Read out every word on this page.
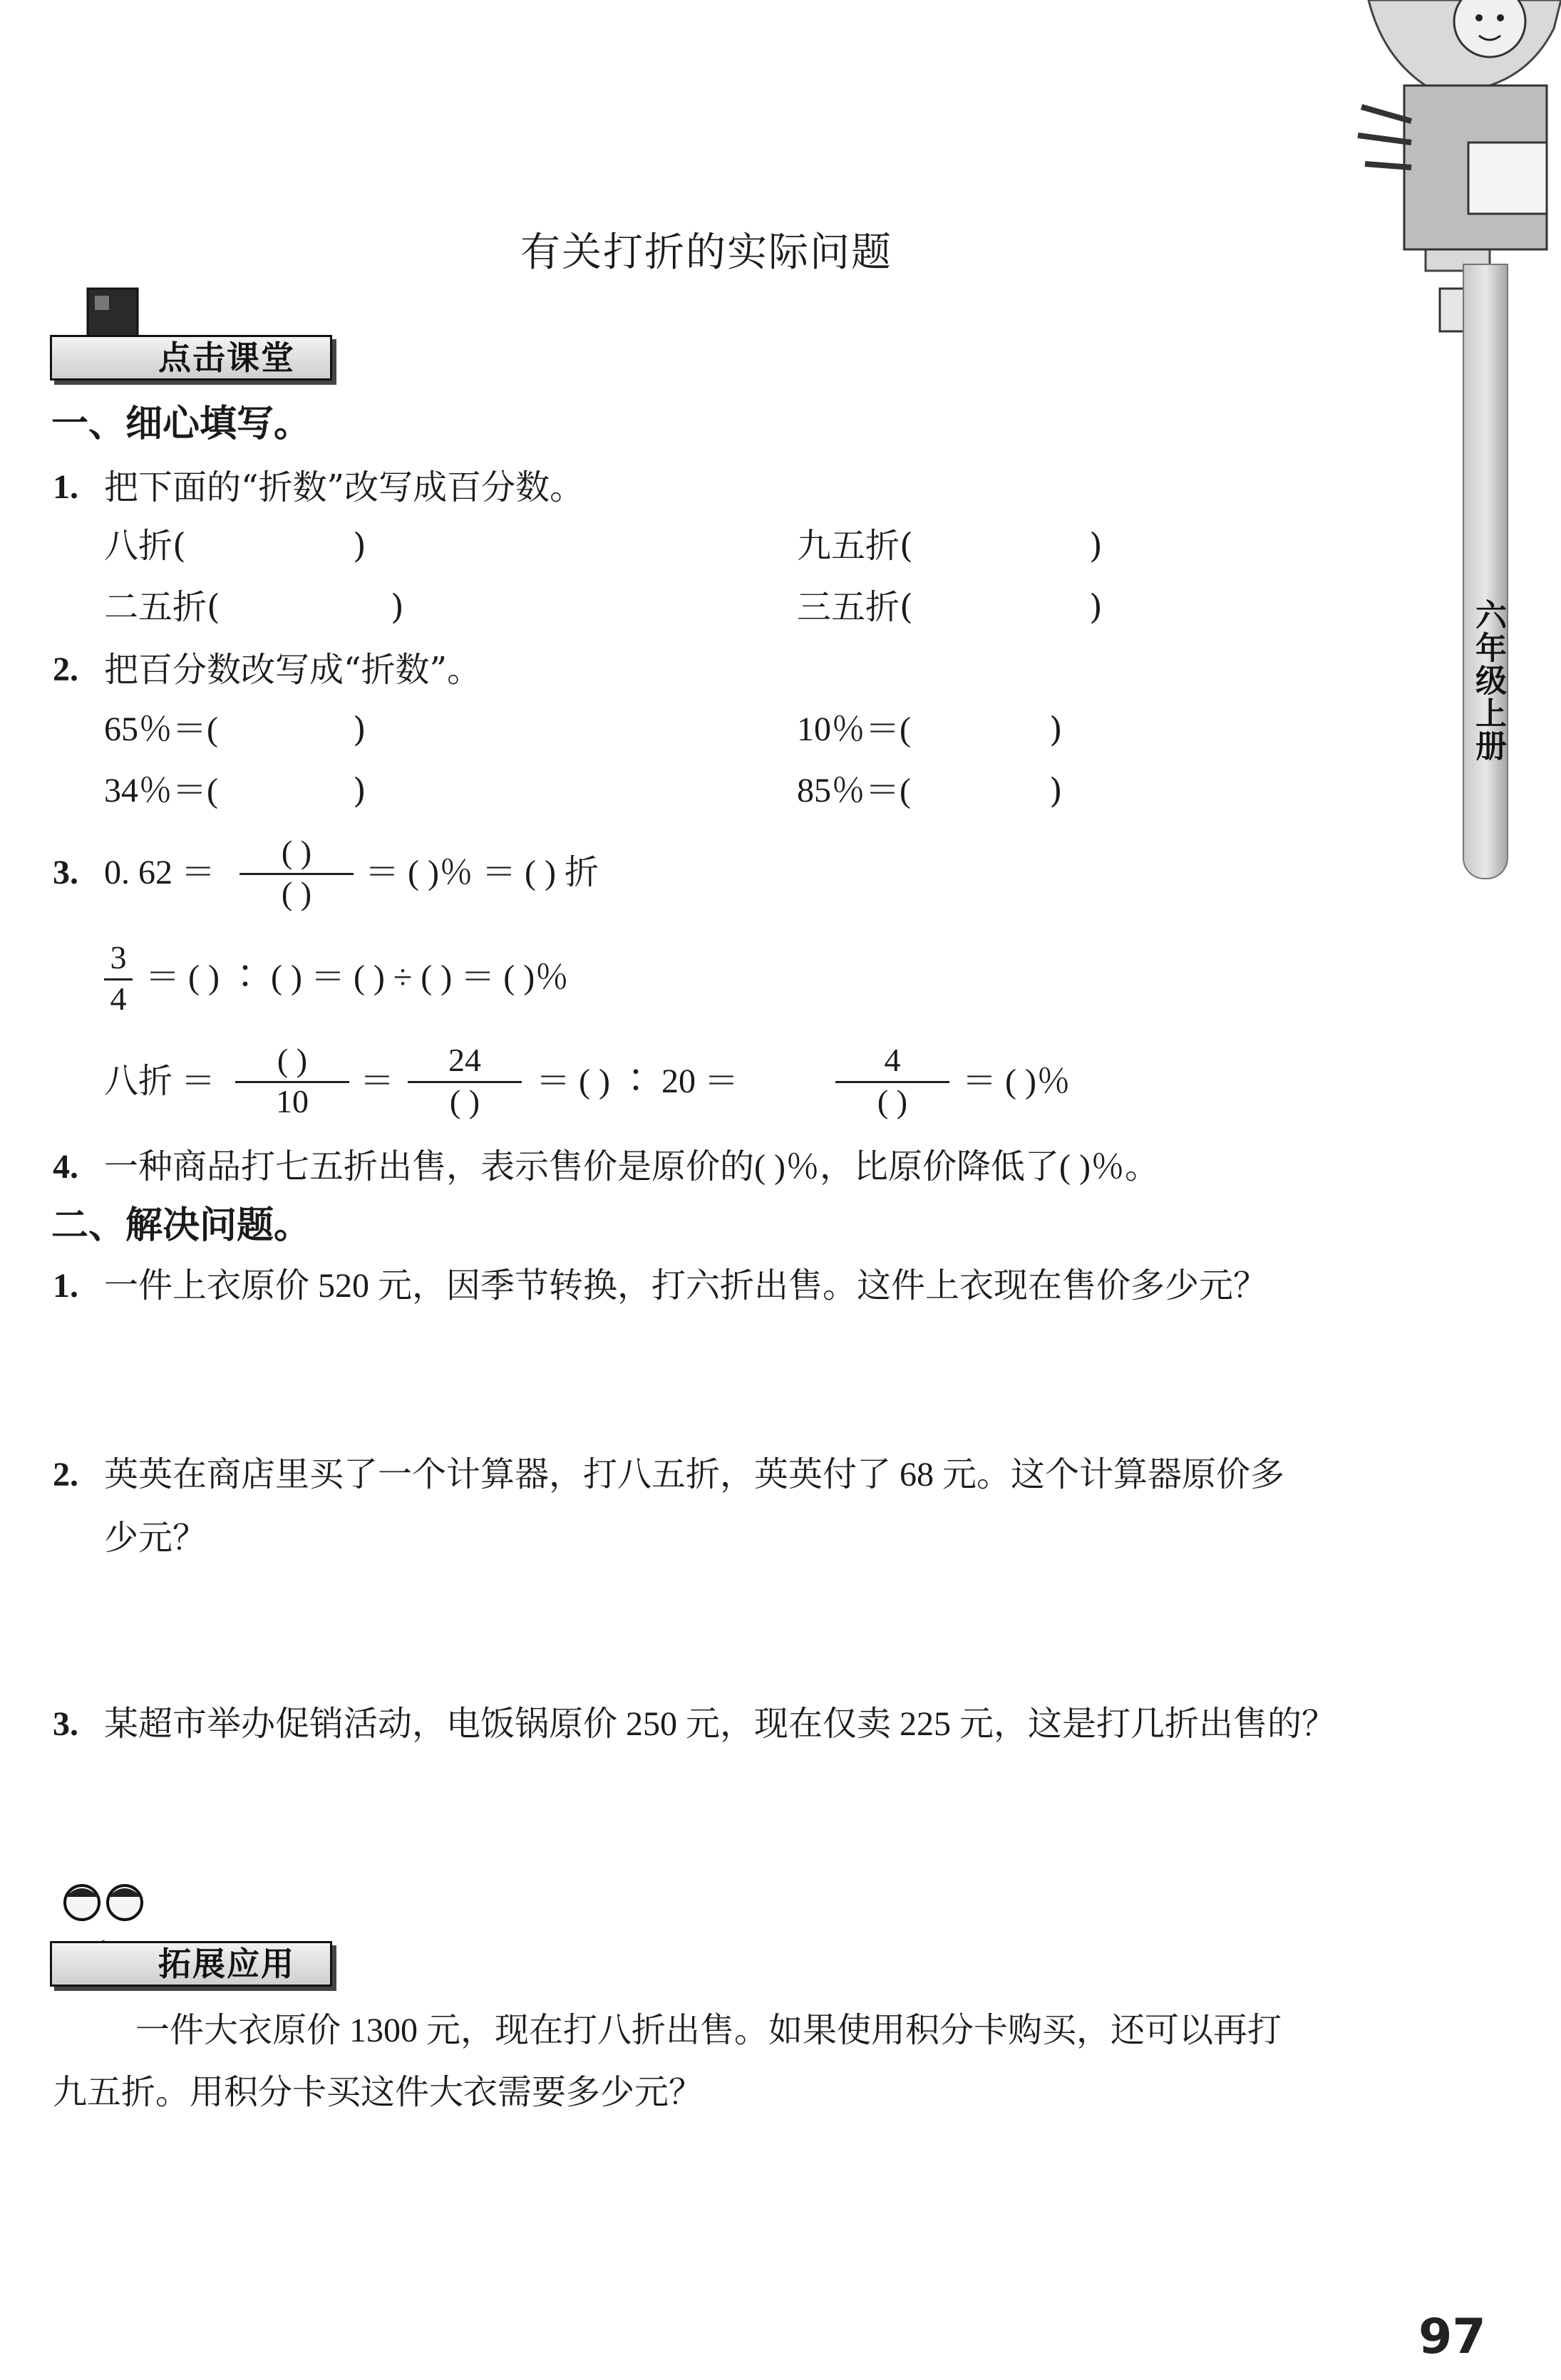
六年级上册
有关打折的实际问题
点击课堂
一、细心填写。
1. 把下面的“折数”改写成百分数。
八折(	)	九五折(	)
二五折(	)	三五折(	)
2. 把百分数改写成“折数”。
65％＝(	)	10％＝(	)
34％＝(	)	85％＝(	)
3. 0. 62 ＝
( )
( )
＝ ( )％ ＝ ( ) 折
3
4
＝ ( ) ∶ ( ) ＝ ( ) ÷ ( ) ＝ ( )％
八折 ＝
( )
10
＝
24
( )
＝ ( ) ∶ 20 ＝
4
( )
＝ ( )％
4. 一种商品打七五折出售，表示售价是原价的( )％，比原价降低了( )％。
二、解决问题。
1. 一件上衣原价 520 元，因季节转换，打六折出售。这件上衣现在售价多少元？
2. 英英在商店里买了一个计算器，打八五折，英英付了 68 元。这个计算器原价多
少元？
3. 某超市举办促销活动，电饭锅原价 250 元，现在仅卖 225 元，这是打几折出售的？
拓展应用
一件大衣原价 1300 元，现在打八折出售。如果使用积分卡购买，还可以再打
九五折。用积分卡买这件大衣需要多少元？
97
